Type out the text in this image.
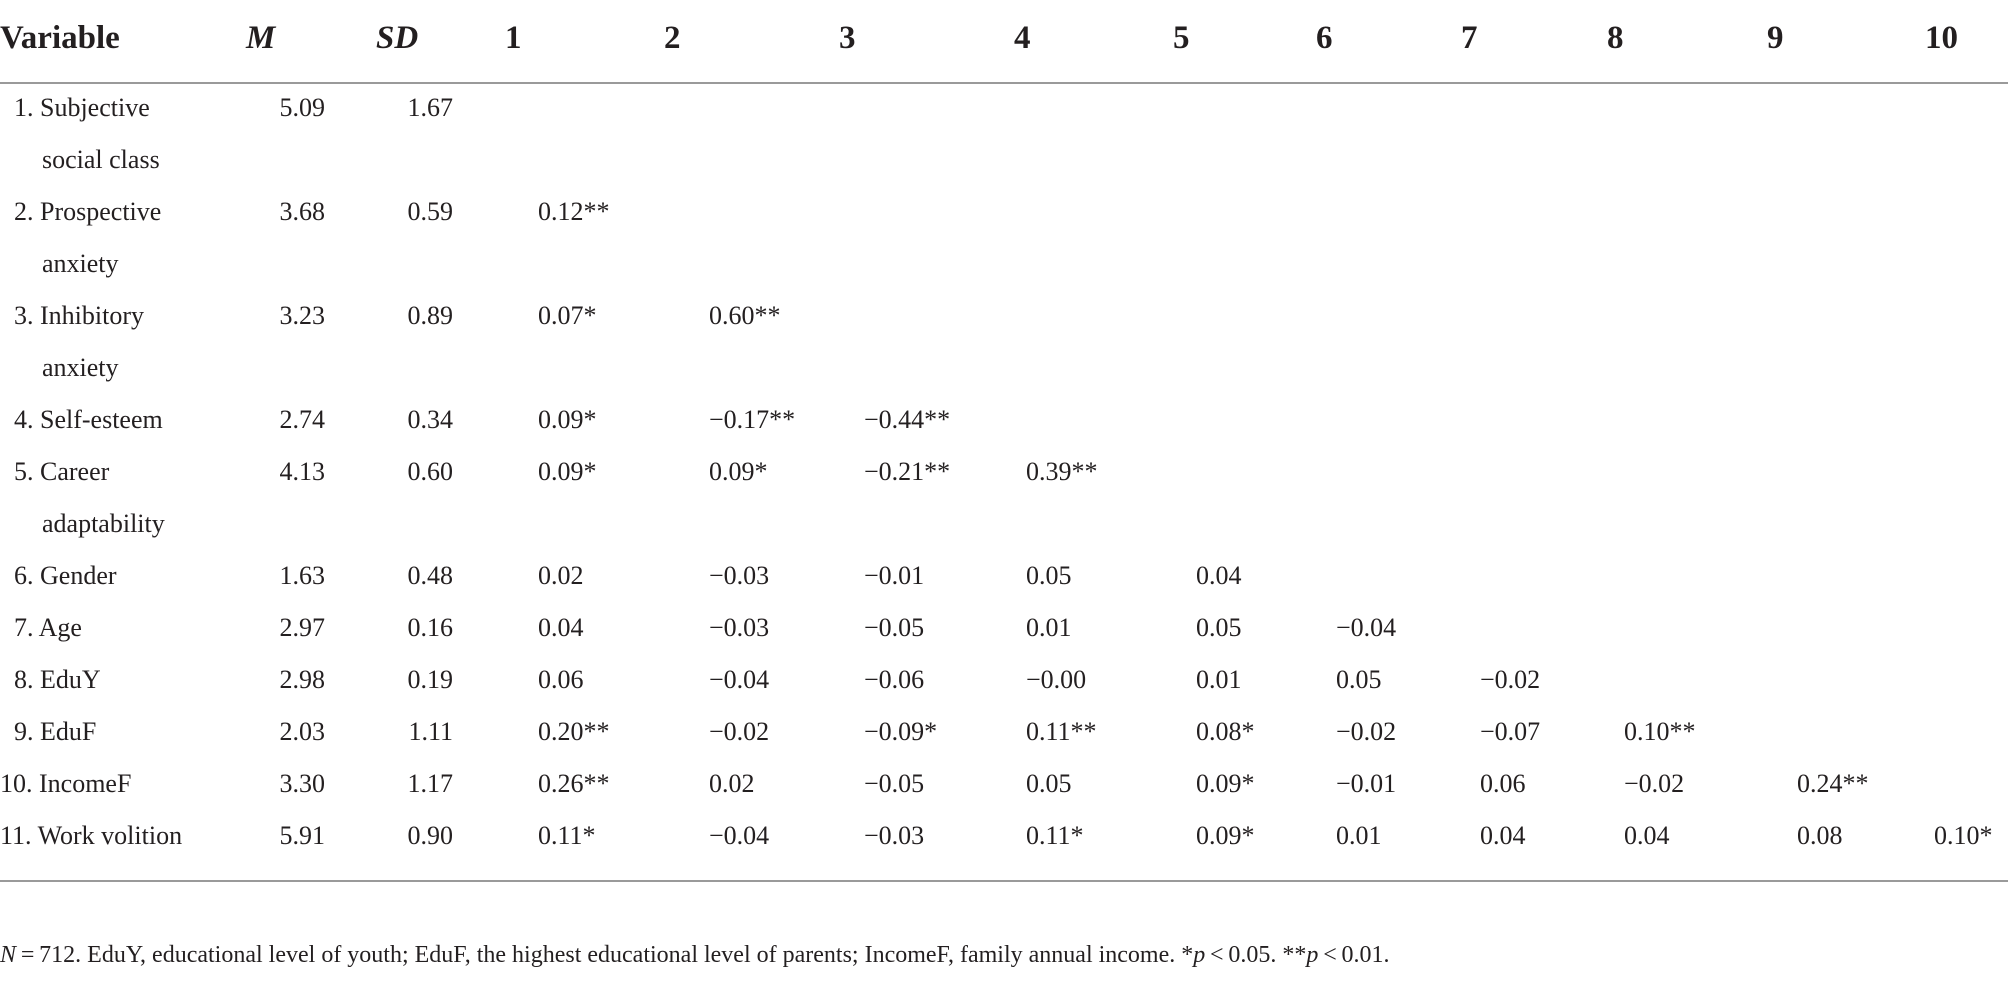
Variable	M	SD	1	2	3	4	5	6	7	8	9	10
1. Subjective
social class
5.09	1.67
2. Prospective
anxiety
3.68	0.59	0.12**
3. Inhibitory
anxiety
3.23	0.89	0.07*	0.60**
4. Self-esteem	2.74	0.34	0.09*	−0.17**	−0.44**
5. Career
adaptability
4.13	0.60	0.09*	0.09*	−0.21**	0.39**
6. Gender	1.63	0.48	0.02	−0.03	−0.01	0.05	0.04
7. Age	2.97	0.16	0.04	−0.03	−0.05	0.01	0.05	−0.04
8. EduY	2.98	0.19	0.06	−0.04	−0.06	−0.00	0.01	0.05	−0.02
9. EduF	2.03	1.11	0.20**	−0.02	−0.09*	0.11**	0.08*	−0.02	−0.07	0.10**
10. IncomeF	3.30	1.17	0.26**	0.02	−0.05	0.05	0.09*	−0.01	0.06	−0.02	0.24**
11. Work volition	5.91	0.90	0.11*	−0.04	−0.03	0.11*	0.09*	0.01	0.04	0.04	0.08	0.10*
N = 712. EduY, educational level of youth; EduF, the highest educational level of parents; IncomeF, family annual income. *p < 0.05. **p < 0.01.
